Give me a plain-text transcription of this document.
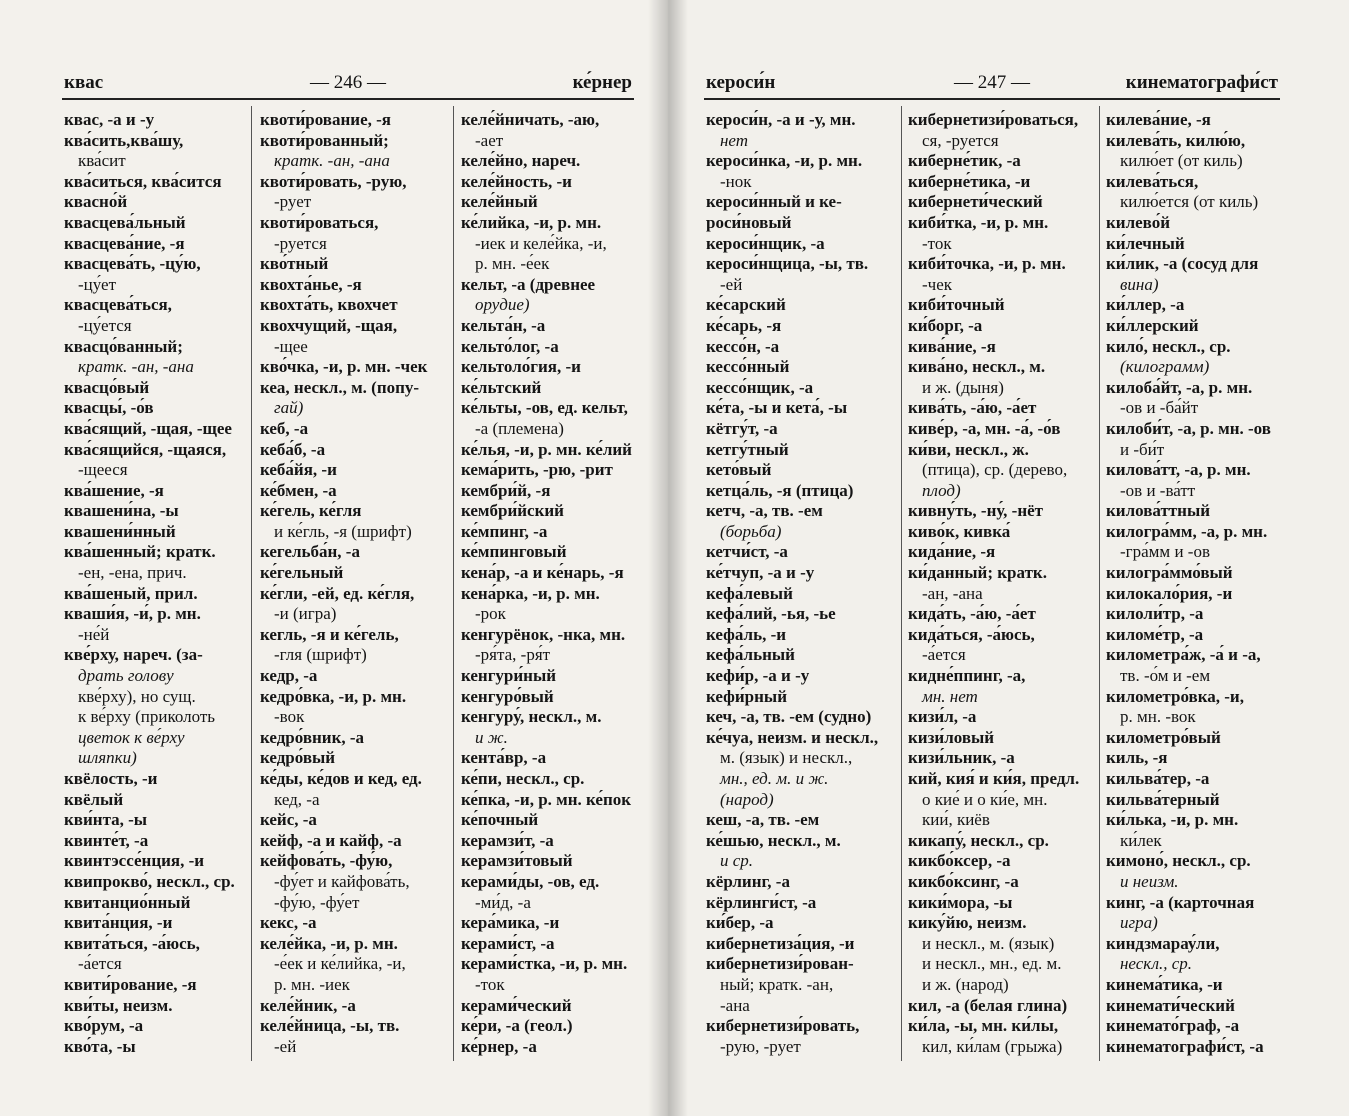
квас	— 246 —	ке́рнер
квас, -а и -у
ква́сить,ква́шу,
ква́сит
ква́ситься, ква́сится
квасно́й
квасцева́льный
квасцева́ние, -я
квасцева́ть, -цу́ю,
-цу́ет
квасцева́ться,
-цу́ется
квасцо́ванный;
кратк. -ан, -ана
квасцо́вый
квасцы́, -о́в
ква́сящий, -щая, -щее
ква́сящийся, -щаяся,
-щееся
ква́шение, -я
квашени́на, -ы
квашени́нный
ква́шенный; кратк.
-ен, -ена, прич.
ква́шеный, прил.
кваши́я, -и́, р. мн.
-не́й
кве́рху, нареч. (за-
драть голову
кве́рху), но сущ.
к ве́рху (приколоть
цветок к ве́рху
шляпки)
квёлость, -и
квёлый
кви́нта, -ы
квинте́т, -а
квинтэссе́нция, -и
квипрокво́, нескл., ср.
квитанцио́нный
квита́нция, -и
квита́ться, -а́юсь,
-а́ется
квити́рование, -я
кви́ты, неизм.
кво́рум, -а
кво́та, -ы
квоти́рование, -я
квоти́рованный;
кратк. -ан, -ана
квоти́ровать, -рую,
-рует
квоти́роваться,
-руется
кво́тный
квохта́нье, -я
квохта́ть, квохчет
квохчущий, -щая,
-щее
кво́чка, -и, р. мн. -чек
кеа, нескл., м. (попу-
гай)
кеб, -а
кеба́б, -а
кеба́йя, -и
ке́бмен, -а
ке́гель, ке́гля
и ке́гль, -я (шрифт)
кегельба́н, -а
ке́гельный
ке́гли, -ей, ед. ке́гля,
-и (игра)
кегль, -я и ке́гель,
-гля (шрифт)
кедр, -а
кедро́вка, -и, р. мн.
-вок
кедро́вник, -а
кедро́вый
ке́ды, ке́дов и кед, ед.
кед, -а
кейс, -а
кейф, -а и кайф, -а
кейфова́ть, -фу́ю,
-фу́ет и кайфова́ть,
-фу́ю, -фу́ет
кекс, -а
келе́йка, -и, р. мн.
-е́ек и ке́лийка, -и,
р. мн. -иек
келе́йник, -а
келе́йница, -ы, тв.
-ей
келе́йничать, -аю,
-ает
келе́йно, нареч.
келе́йность, -и
келе́йный
ке́лийка, -и, р. мн.
-иек и келе́йка, -и,
р. мн. -е́ек
кельт, -а (древнее
орудие)
кельта́н, -а
кельто́лог, -а
кельтоло́гия, -и
ке́льтский
ке́льты, -ов, ед. кельт,
-а (племена)
ке́лья, -и, р. мн. ке́лий
кема́рить, -рю, -рит
кембри́й, -я
кембри́йский
ке́мпинг, -а
ке́мпинговый
кена́р, -а и ке́нарь, -я
кена́рка, -и, р. мн.
-рок
кенгурёнок, -нка, мн.
-ря́та, -ря́т
кенгури́ный
кенгуро́вый
кенгуру́, нескл., м.
и ж.
кента́вр, -а
ке́пи, нескл., ср.
ке́пка, -и, р. мн. ке́пок
ке́почный
керамзи́т, -а
керамзи́товый
керами́ды, -ов, ед.
-ми́д, -а
кера́мика, -и
керами́ст, -а
керами́стка, -и, р. мн.
-ток
керами́ческий
ке́ри, -а (геол.)
ке́рнер, -а
кероси́н	— 247 —	кинематографи́ст
кероси́н, -а и -у, мн.
нет
кероси́нка, -и, р. мн.
-нок
кероси́нный и ке-
роси́новый
кероси́нщик, -а
кероси́нщица, -ы, тв.
-ей
ке́сарский
ке́сарь, -я
кессо́н, -а
кессо́нный
кессо́нщик, -а
ке́та, -ы и кета́, -ы
кётгу́т, -а
кетгу́тный
кето́вый
кетца́ль, -я (птица)
кетч, -а, тв. -ем
(борьба)
кетчи́ст, -а
ке́тчуп, -а и -у
кефа́левый
кефа́лий, -ья, -ье
кефа́ль, -и
кефа́льный
кефи́р, -а и -у
кефи́рный
кеч, -а, тв. -ем (судно)
ке́чуа, неизм. и нескл.,
м. (язык) и нескл.,
мн., ед. м. и ж.
(народ)
кеш, -а, тв. -ем
ке́шью, нескл., м.
и ср.
кёрлинг, -а
кёрлинги́ст, -а
ки́бер, -а
кибернетиза́ция, -и
кибернетизи́рован-
ный; кратк. -ан,
-ана
кибернетизи́ровать,
-рую, -рует
кибернетизи́роваться,
ся, -руется
киберне́тик, -а
киберне́тика, -и
кибернети́ческий
киби́тка, -и, р. мн.
-ток
киби́точка, -и, р. мн.
-чек
киби́точный
ки́борг, -а
кива́ние, -я
кива́но, нескл., м.
и ж. (дыня)
кива́ть, -а́ю, -а́ет
киве́р, -а, мн. -а́, -о́в
ки́ви, нескл., ж.
(птица), ср. (дерево,
плод)
кивну́ть, -ну́, -нёт
киво́к, кивка́
кида́ние, -я
ки́данный; кратк.
-ан, -ана
кида́ть, -а́ю, -а́ет
кида́ться, -а́юсь,
-а́ется
кидне́ппинг, -а,
мн. нет
кизи́л, -а
кизи́ловый
кизи́льник, -а
кий, кия́ и ки́я, предл.
о кие́ и о ки́е, мн.
кии́, киёв
кикапу́, нескл., ср.
кикбо́ксер, -а
кикбо́ксинг, -а
кики́мора, -ы
кику́йю, неизм.
и нескл., м. (язык)
и нескл., мн., ед. м.
и ж. (народ)
кил, -а (белая глина)
ки́ла, -ы, мн. ки́лы,
кил, ки́лам (грыжа)
килева́ние, -я
килева́ть, килю́ю,
килю́ет (от киль)
килева́ться,
килю́ется (от киль)
килево́й
ки́лечный
ки́лик, -а (сосуд для
вина)
ки́ллер, -а
ки́ллерский
кило́, нескл., ср.
(килограмм)
килоба́йт, -а, р. мн.
-ов и -ба́йт
килоби́т, -а, р. мн. -ов
и -би́т
килова́тт, -а, р. мн.
-ов и -ва́тт
килова́ттный
килогра́мм, -а, р. мн.
-гра́мм и -ов
килогра́ммо́вый
килокало́рия, -и
килоли́тр, -а
киломе́тр, -а
километра́ж, -а́ и -а,
тв. -о́м и -ем
километро́вка, -и,
р. мн. -вок
километро́вый
киль, -я
кильва́тер, -а
кильва́терный
ки́лька, -и, р. мн.
ки́лек
кимоно́, нескл., ср.
и неизм.
кинг, -а (карточная
игра)
киндзмарау́ли,
нескл., ср.
кинема́тика, -и
кинемати́ческий
кинемато́граф, -а
кинематографи́ст, -а
